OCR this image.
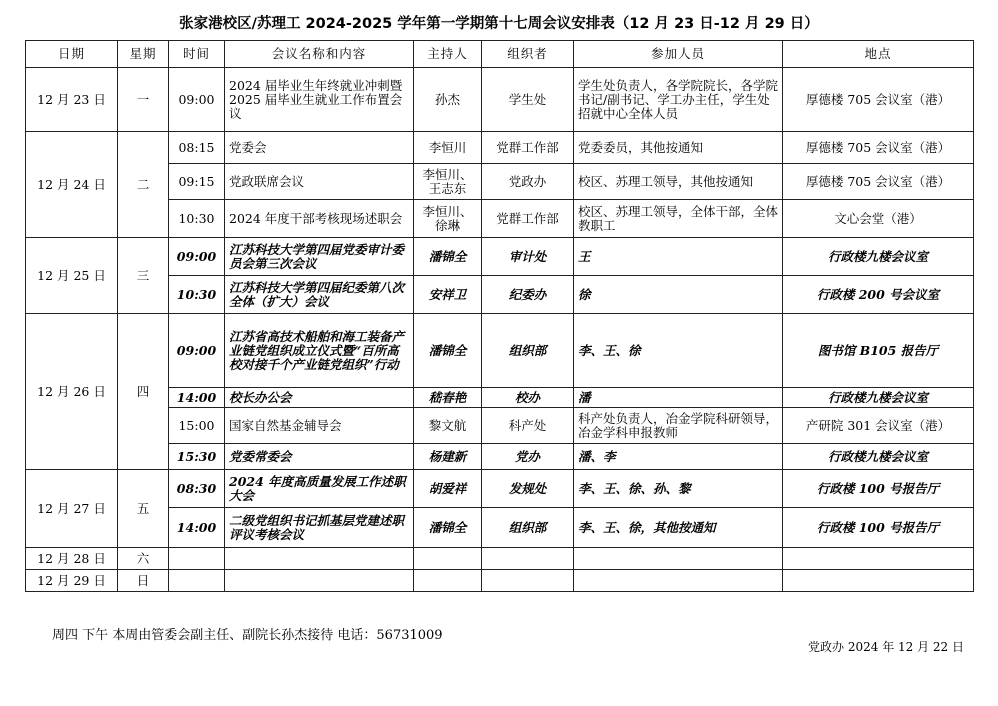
张家港校区/苏理工 2024-2025 学年第一学期第十七周会议安排表（12 月 23 日-12 月 29 日）
日期	星期	时间	会议名称和内容	主持人	组织者	参加人员	地点
12 月 23 日	一	09:00	2024 届毕业生年终就业冲刺暨 2025 届毕业生就业工作布置会议	孙杰	学生处	学生处负责人，各学院院长，各学院书记/副书记、学工办主任，学生处招就中心全体人员	厚德楼 705 会议室（港）
12 月 24 日	二	08:15	党委会	李恒川	党群工作部	党委委员，其他按通知	厚德楼 705 会议室（港）
		09:15	党政联席会议	李恒川、王志东	党政办	校区、苏理工领导，其他按通知	厚德楼 705 会议室（港）
		10:30	2024 年度干部考核现场述职会	李恒川、徐琳	党群工作部	校区、苏理工领导，全体干部，全体教职工	文心会堂（港）
12 月 25 日	三	09:00	江苏科技大学第四届党委审计委员会第三次会议	潘锦全	审计处	王	行政楼九楼会议室
		10:30	江苏科技大学第四届纪委第八次全体（扩大）会议	安祥卫	纪委办	徐	行政楼 200 号会议室
12 月 26 日	四	09:00	江苏省高技术船舶和海工装备产业链党组织成立仪式暨“百所高校对接千个产业链党组织”行动	潘锦全	组织部	李、王、徐	图书馆 B105 报告厅
		14:00	校长办公会	嵇春艳	校办	潘	行政楼九楼会议室
		15:00	国家自然基金辅导会	黎文航	科产处	科产处负责人，冶金学院科研领导，冶金学科申报教师	产研院 301 会议室（港）
		15:30	党委常委会	杨建新	党办	潘、李	行政楼九楼会议室
12 月 27 日	五	08:30	2024 年度高质量发展工作述职大会	胡爱祥	发规处	李、王、徐、孙、黎	行政楼 100 号报告厅
		14:00	二级党组织书记抓基层党建述职评议考核会议	潘锦全	组织部	李、王、徐，其他按通知	行政楼 100 号报告厅
12 月 28 日	六						
12 月 29 日	日						
周四 下午 本周由管委会副主任、副院长孙杰接待 电话：56731009
党政办 2024 年 12 月 22 日
